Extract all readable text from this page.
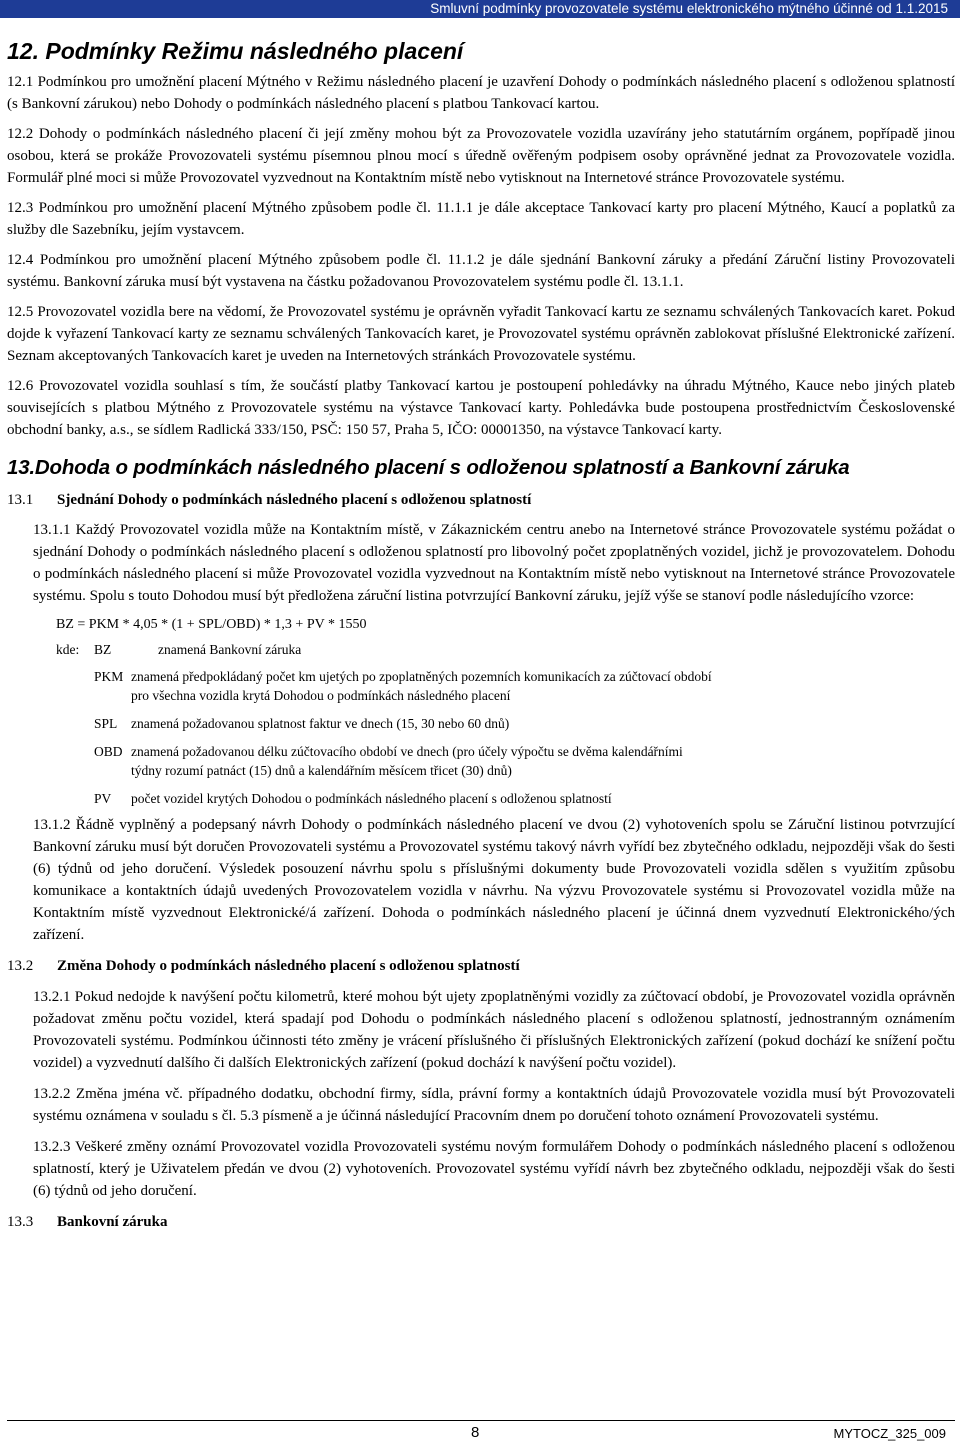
Smluvní podmínky provozovatele systému elektronického mýtného účinné od 1.1.2015
12. Podmínky Režimu následného placení

12.1 Podmínkou pro umožnění placení Mýtného v Režimu následného placení je uzavření Dohody o podmínkách následného placení s odloženou splatností (s Bankovní zárukou) nebo Dohody o podmínkách následného placení s platbou Tankovací kartou.

12.2 Dohody o podmínkách následného placení či její změny mohou být za Provozovatele vozidla uzavírány jeho statutárním orgánem, popřípadě jinou osobou, která se prokáže Provozovateli systému písemnou plnou mocí s úředně ověřeným podpisem osoby oprávněné jednat za Provozovatele vozidla. Formulář plné moci si může Provozovatel vyzvednout na Kontaktním místě nebo vytisknout na Internetové stránce Provozovatele systému.

12.3 Podmínkou pro umožnění placení Mýtného způsobem podle čl. 11.1.1 je dále akceptace Tankovací karty pro placení Mýtného, Kaucí a poplatků za služby dle Sazebníku, jejím vystavcem.

12.4 Podmínkou pro umožnění placení Mýtného způsobem podle čl. 11.1.2 je dále sjednání Bankovní záruky a předání Záruční listiny Provozovateli systému. Bankovní záruka musí být vystavena na částku požadovanou Provozovatelem systému podle čl. 13.1.1.

12.5 Provozovatel vozidla bere na vědomí, že Provozovatel systému je oprávněn vyřadit Tankovací kartu ze seznamu schválených Tankovacích karet. Pokud dojde k vyřazení Tankovací karty ze seznamu schválených Tankovacích karet, je Provozovatel systému oprávněn zablokovat příslušné Elektronické zařízení. Seznam akceptovaných Tankovacích karet je uveden na Internetových stránkách Provozovatele systému.

12.6 Provozovatel vozidla souhlasí s tím, že součástí platby Tankovací kartou je postoupení pohledávky na úhradu Mýtného, Kauce nebo jiných plateb souvisejících s platbou Mýtného z Provozovatele systému na výstavce Tankovací karty. Pohledávka bude postoupena prostřednictvím Československé obchodní banky, a.s., se sídlem Radlická 333/150, PSČ: 150 57, Praha 5, IČO: 00001350, na výstavce Tankovací karty.

13.Dohoda o podmínkách následného placení s odloženou splatností a Bankovní záruka

13.1 Sjednání Dohody o podmínkách následného placení s odloženou splatností

13.1.1 Každý Provozovatel vozidla může na Kontaktním místě, v Zákaznickém centru anebo na Internetové stránce Provozovatele systému požádat o sjednání Dohody o podmínkách následného placení s odloženou splatností pro libovolný počet zpoplatněných vozidel, jichž je provozovatelem. Dohodu o podmínkách následného placení si může Provozovatel vozidla vyzvednout na Kontaktním místě nebo vytisknout na Internetové stránce Provozovatele systému. Spolu s touto Dohodou musí být předložena záruční listina potvrzující Bankovní záruku, jejíž výše se stanoví podle následujícího vzorce:

BZ = PKM * 4,05 * (1 + SPL/OBD) * 1,3 + PV * 1550

kde:	BZ	znamená Bankovní záruka
PKM znamená předpokládaný počet km ujetých po zpoplatněných pozemních komunikacích za zúčtovací období pro všechna vozidla krytá Dohodou o podmínkách následného placení
SPL	znamená požadovanou splatnost faktur ve dnech (15, 30 nebo 60 dnů)
OBD znamená požadovanou délku zúčtovacího období ve dnech (pro účely výpočtu se dvěma kalendářními týdny rozumí patnáct (15) dnů a kalendářním měsícem třicet (30) dnů)
PV	počet vozidel krytých Dohodou o podmínkách následného placení s odloženou splatností

13.1.2 Řádně vyplněný a podepsaný návrh Dohody o podmínkách následného placení ve dvou (2) vyhotoveních spolu se Záruční listinou potvrzující Bankovní záruku musí být doručen Provozovateli systému a Provozovatel systému takový návrh vyřídí bez zbytečného odkladu, nejpozději však do šesti (6) týdnů od jeho doručení. Výsledek posouzení návrhu spolu s příslušnými dokumenty bude Provozovateli vozidla sdělen s využitím způsobu komunikace a kontaktních údajů uvedených Provozovatelem vozidla v návrhu. Na výzvu Provozovatele systému si Provozovatel vozidla může na Kontaktním místě vyzvednout Elektronické/á zařízení. Dohoda o podmínkách následného placení je účinná dnem vyzvednutí Elektronického/ých zařízení.

13.2 Změna Dohody o podmínkách následného placení s odloženou splatností

13.2.1 Pokud nedojde k navýšení počtu kilometrů, které mohou být ujety zpoplatněnými vozidly za zúčtovací období, je Provozovatel vozidla oprávněn požadovat změnu počtu vozidel, která spadají pod Dohodu o podmínkách následného placení s odloženou splatností, jednostranným oznámením Provozovateli systému. Podmínkou účinnosti této změny je vrácení příslušného či příslušných Elektronických zařízení (pokud dochází ke snížení počtu vozidel) a vyzvednutí dalšího či dalších Elektronických zařízení (pokud dochází k navýšení počtu vozidel).

13.2.2 Změna jména vč. případného dodatku, obchodní firmy, sídla, právní formy a kontaktních údajů Provozovatele vozidla musí být Provozovateli systému oznámena v souladu s čl. 5.3 písmeně a je účinná následující Pracovním dnem po doručení tohoto oznámení Provozovateli systému.

13.2.3 Veškeré změny oznámí Provozovatel vozidla Provozovateli systému novým formulářem Dohody o podmínkách následného placení s odloženou splatností, který je Uživatelem předán ve dvou (2) vyhotoveních. Provozovatel systému vyřídí návrh bez zbytečného odkladu, nejpozději však do šesti (6) týdnů od jeho doručení.

13.3 Bankovní záruka

8	MYTOCZ_325_009
